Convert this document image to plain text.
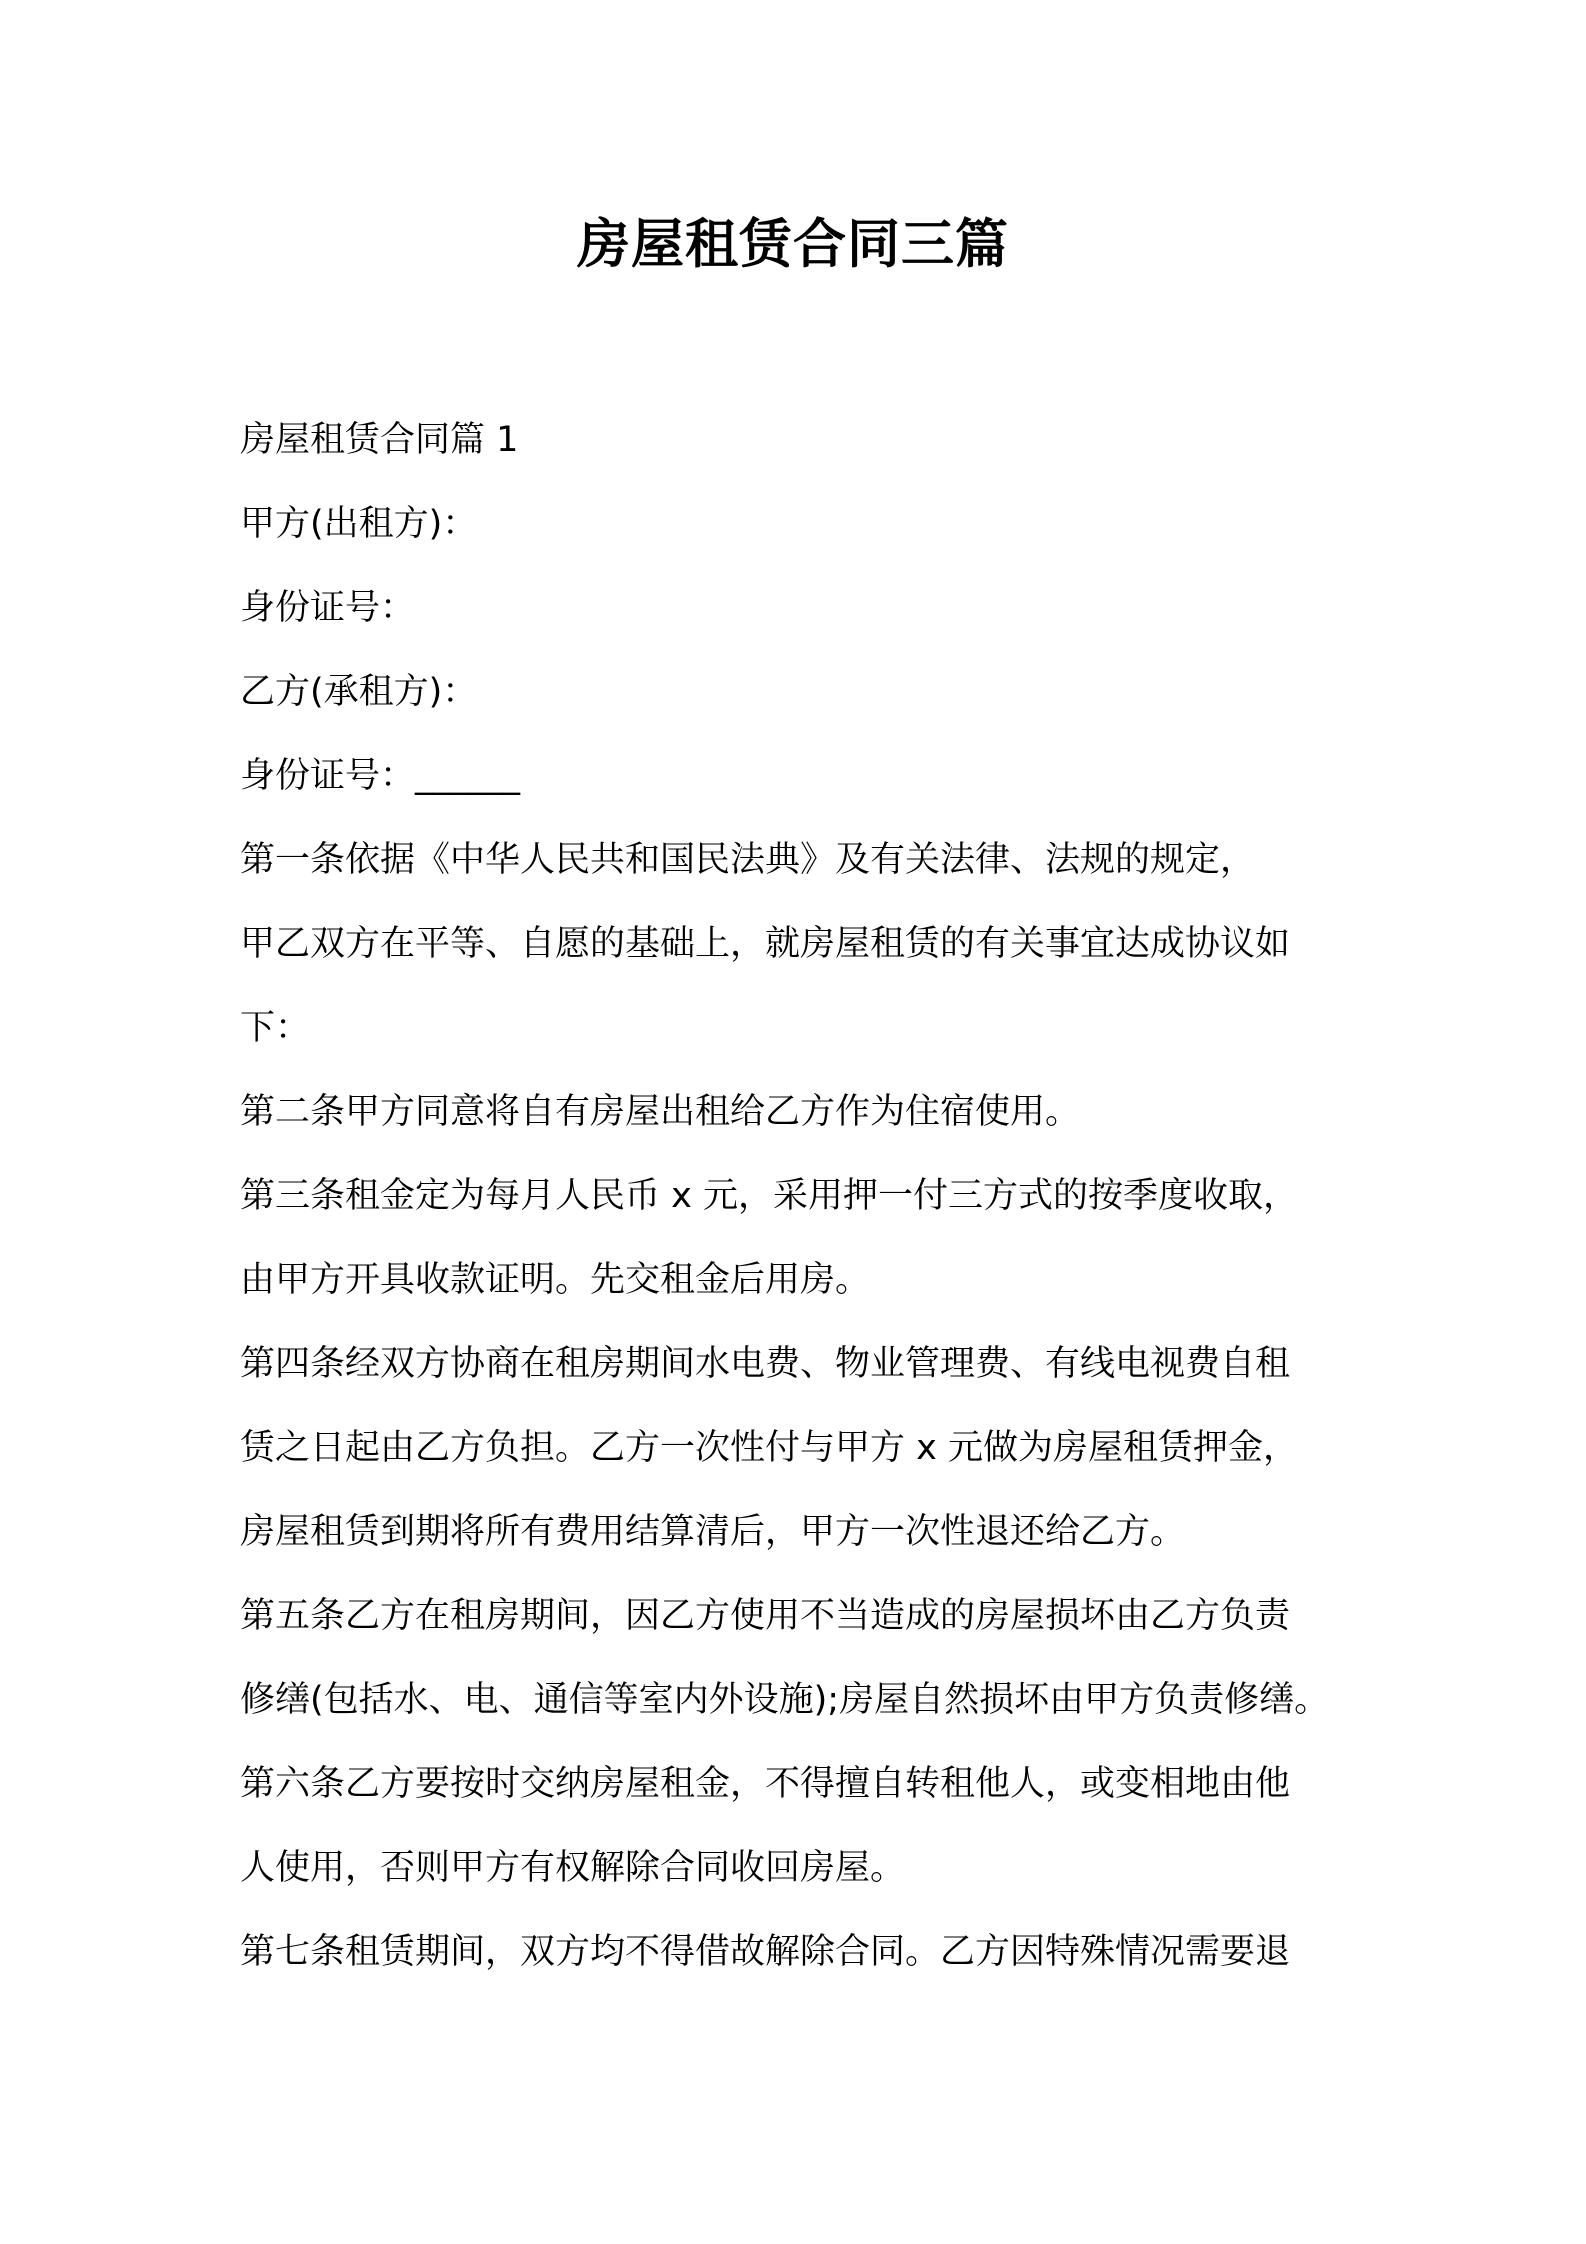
房屋租赁合同三篇

房屋租赁合同篇 1

甲方(出租方)：

身份证号：

乙方(承租方)：

身份证号：______

第一条依据《中华人民共和国民法典》及有关法律、法规的规定，
甲乙双方在平等、自愿的基础上，就房屋租赁的有关事宜达成协议如
下：

第二条甲方同意将自有房屋出租给乙方作为住宿使用。

第三条租金定为每月人民币 x 元，采用押一付三方式的按季度收取，
由甲方开具收款证明。先交租金后用房。

第四条经双方协商在租房期间水电费、物业管理费、有线电视费自租
赁之日起由乙方负担。乙方一次性付与甲方 x 元做为房屋租赁押金，
房屋租赁到期将所有费用结算清后，甲方一次性退还给乙方。

第五条乙方在租房期间，因乙方使用不当造成的房屋损坏由乙方负责
修缮(包括水、电、通信等室内外设施);房屋自然损坏由甲方负责修缮。

第六条乙方要按时交纳房屋租金，不得擅自转租他人，或变相地由他
人使用，否则甲方有权解除合同收回房屋。

第七条租赁期间，双方均不得借故解除合同。乙方因特殊情况需要退
